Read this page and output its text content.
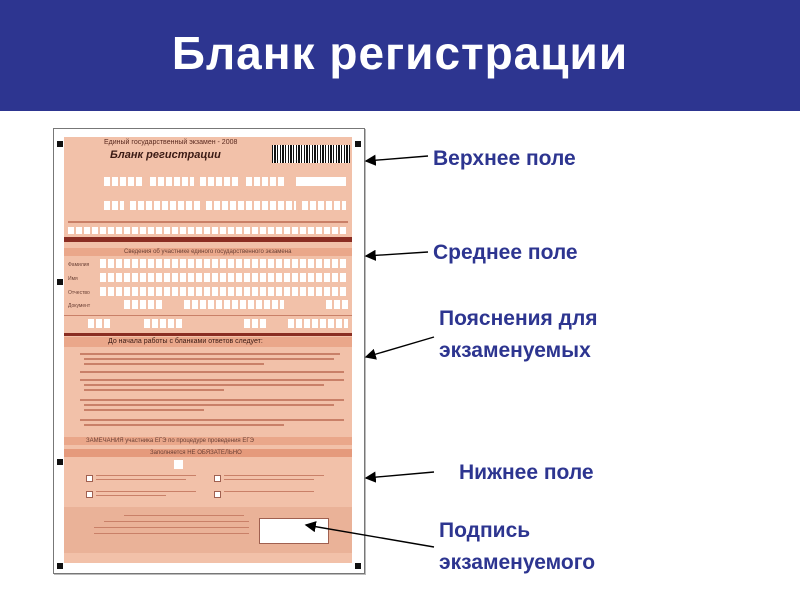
Бланк регистрации
Единый государственный экзамен - 2008
Бланк регистрации
Сведения об участнике единого государственного экзамена
Фамилия
Имя
Отчество
Документ
До начала работы с бланками ответов следует:
ЗАМЕЧАНИЯ участника ЕГЭ по процедуре проведения ЕГЭ
Заполняется НЕ ОБЯЗАТЕЛЬНО
Верхнее поле
Среднее поле
Пояснения для
экзаменуемых
Нижнее поле
Подпись
экзаменуемого
